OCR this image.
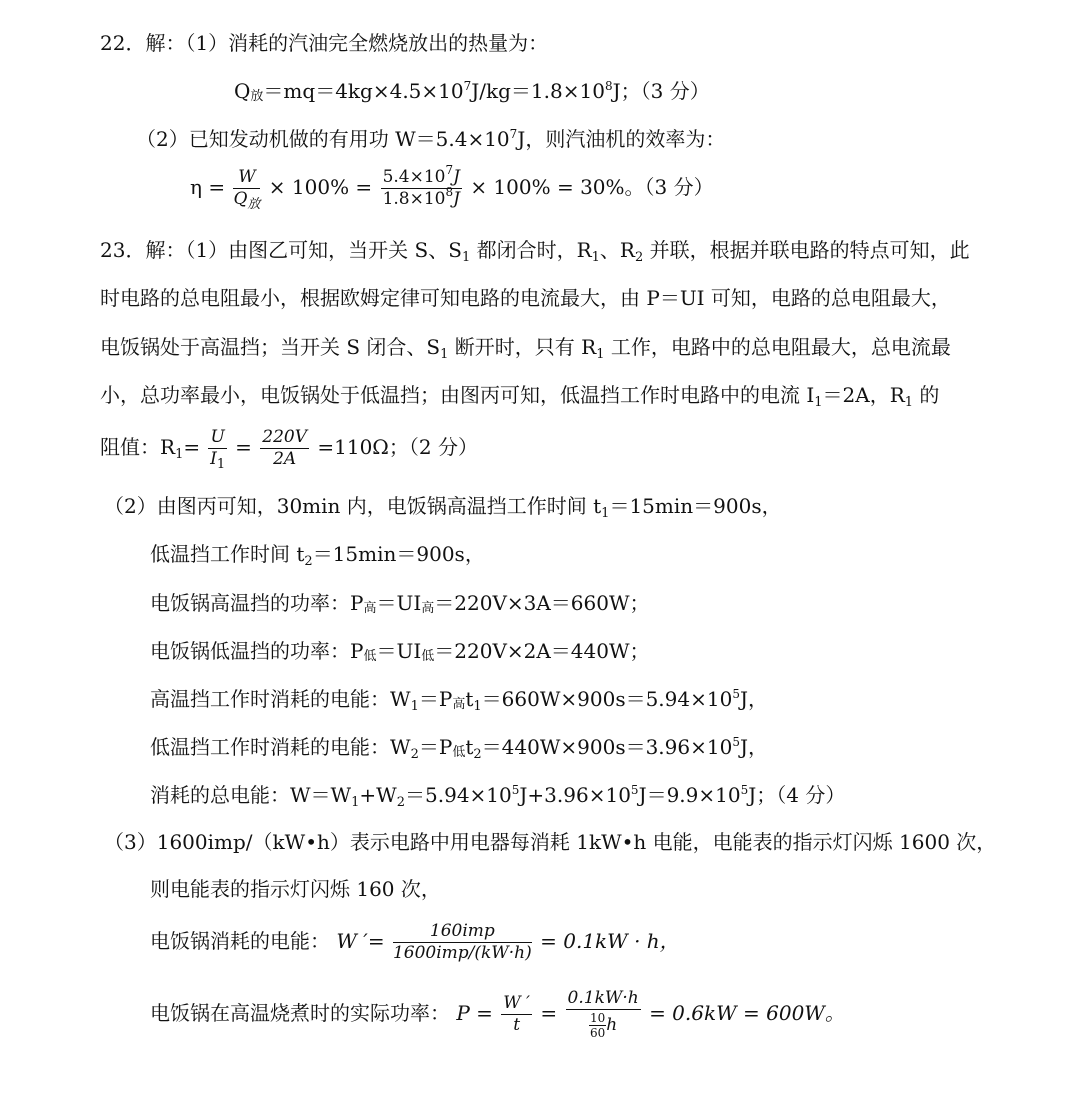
22．解：（1）消耗的汽油完全燃烧放出的热量为：
Q放$=mq=4kg\times 4.5\times 10^7J/kg=1.8\times 10^8J$；（3 分）
（2）已知发动机做的有用功 $W=5.4\times 10^7J$，则汽油机的效率为：
$\eta = \frac{W}{Q_放} \times 100\% = \frac{5.4\times 10^7J}{1.8\times 10^8J} \times 100\% = 30\%$。（3 分）
23．解：（1）由图乙可知，当开关 S、$S_1$ 都闭合时，$R_1$、$R_2$ 并联，根据并联电路的特点可知，此
时电路的总电阻最小，根据欧姆定律可知电路的电流最大，由 P＝UI 可知，电路的总电阻最大，
电饭锅处于高温挡；当开关 S 闭合、$S_1$ 断开时，只有 $R_1$ 工作，电路中的总电阻最大，总电流最
小，总功率最小，电饭锅处于低温挡；由图丙可知，低温挡工作时电路中的电流 $I_1=2A$，$R_1$ 的
阻值：$R_1= \frac{U}{I_1} = \frac{220V}{2A} =110\Omega$；（2 分）
（2）由图丙可知，30min 内，电饭锅高温挡工作时间 $t_1=15\min=900s$，
低温挡工作时间 $t_2=15\min=900s$，
电饭锅高温挡的功率：P高＝UI高＝220V×3A＝660W；
电饭锅低温挡的功率：P低＝UI低＝220V×2A＝440W；
高温挡工作时消耗的电能：$W_1=P$高$t_1=660W\times 900s=5.94\times 10^5J$，
低温挡工作时消耗的电能：$W_2=P$低$t_2=440W\times 900s=3.96\times 10^5J$，
消耗的总电能：$W=W_1+W_2=5.94\times 10^5J+3.96\times 10^5J=9.9\times 10^5J$；（4 分）
（3）1600imp/（kW•h）表示电路中用电器每消耗 1kW•h 电能，电能表的指示灯闪烁 1600 次，
则电能表的指示灯闪烁 160 次，
电饭锅消耗的电能： W ′= $\frac{\text{160imp}}{\text{1600imp/(kW·h)}} = 0.1kW \cdot h$，
电饭锅在高温烧煮时的实际功率： $P = \frac{W '}{t} = \frac{0.1kW\cdot h}{\frac{10}{60} h} = 0.6kW = 600W$。
